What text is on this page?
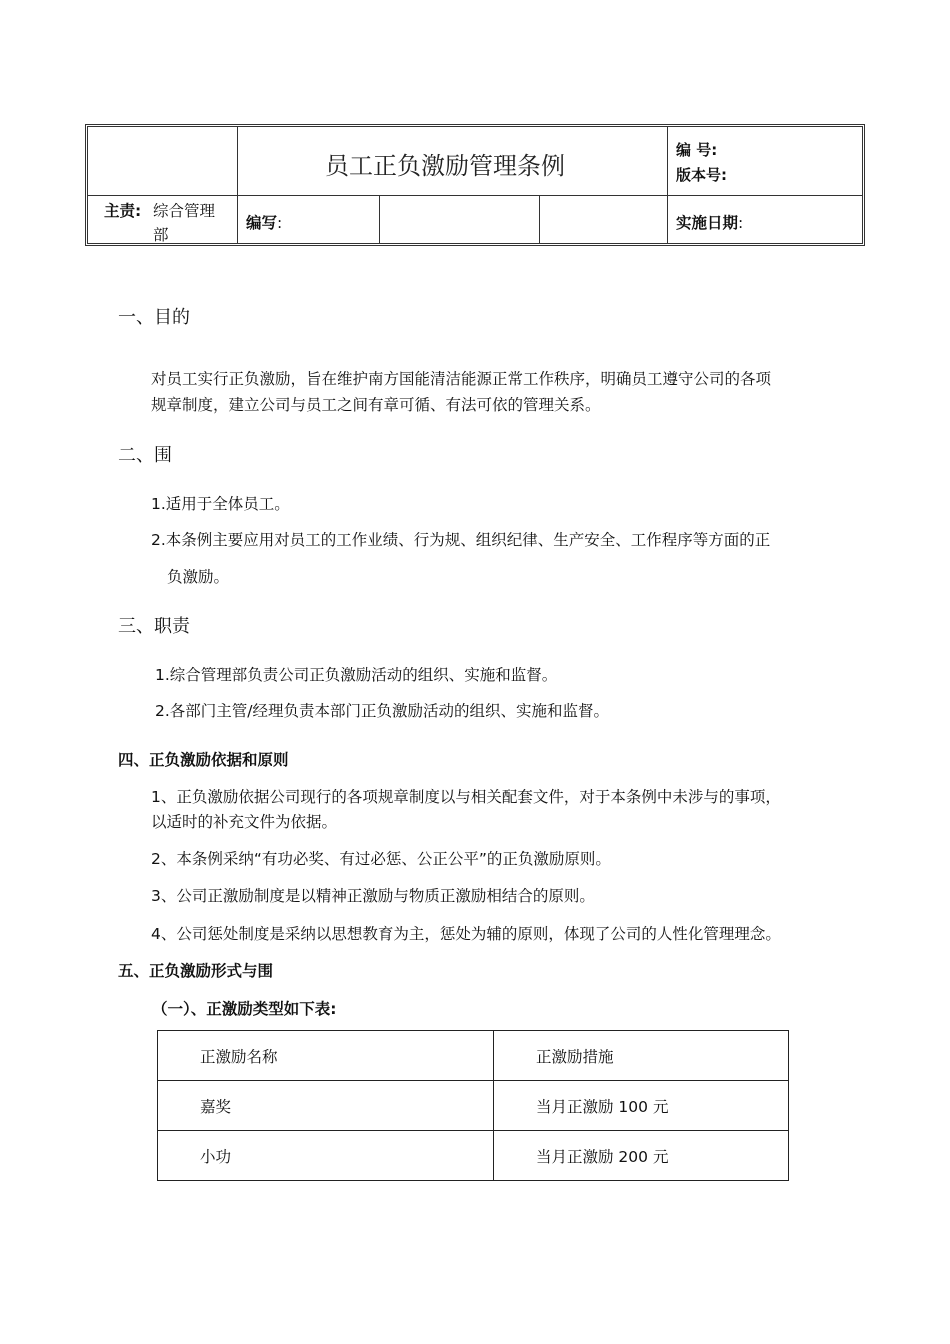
员工正负激励管理条例
编 号:
版本号:
主责: 综合管理
部
编写:	实施日期:
一、目的
对员工实行正负激励，旨在维护南方国能清洁能源正常工作秩序，明确员工遵守公司的各项
规章制度，建立公司与员工之间有章可循、有法可依的管理关系。
二、围
1.适用于全体员工。
2.本条例主要应用对员工的工作业绩、行为规、组织纪律、生产安全、工作程序等方面的正
负激励。
三、职责
1.综合管理部负责公司正负激励活动的组织、实施和监督。
2.各部门主管/经理负责本部门正负激励活动的组织、实施和监督。
四、正负激励依据和原则
1、正负激励依据公司现行的各项规章制度以与相关配套文件，对于本条例中未涉与的事项，
以适时的补充文件为依据。
2、本条例采纳“有功必奖、有过必惩、公正公平”的正负激励原则。
3、公司正激励制度是以精神正激励与物质正激励相结合的原则。
4、公司惩处制度是采纳以思想教育为主，惩处为辅的原则，体现了公司的人性化管理理念。
五、正负激励形式与围
（一）、正激励类型如下表:
正激励名称	正激励措施
嘉奖	当月正激励 100 元
小功	当月正激励 200 元
